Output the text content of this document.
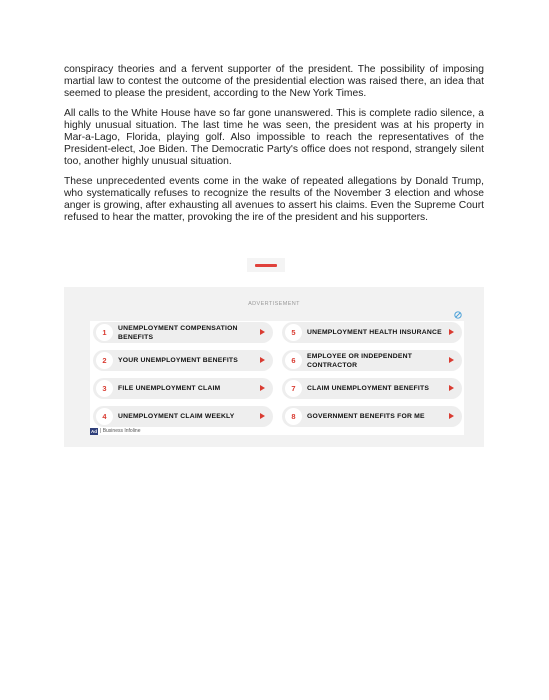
conspiracy theories and a fervent supporter of the president. The possibility of imposing martial law to contest the outcome of the presidential election was raised there, an idea that seemed to please the president, according to the New York Times.

All calls to the White House have so far gone unanswered. This is complete radio silence, a highly unusual situation. The last time he was seen, the president was at his property in Mar-a-Lago, Florida, playing golf. Also impossible to reach the representatives of the President-elect, Joe Biden. The Democratic Party's office does not respond, strangely silent too, another highly unusual situation.

These unprecedented events come in the wake of repeated allegations by Donald Trump, who systematically refuses to recognize the results of the November 3 election and whose anger is growing, after exhausting all avenues to assert his claims. Even the Supreme Court refused to hear the matter, provoking the ire of the president and his supporters.

ADVERTISEMENT
1	UNEMPLOYMENT COMPENSATION BENEFITS
2	YOUR UNEMPLOYMENT BENEFITS
3	FILE UNEMPLOYMENT CLAIM
4	UNEMPLOYMENT CLAIM WEEKLY
5	UNEMPLOYMENT HEALTH INSURANCE
6	EMPLOYEE OR INDEPENDENT CONTRACTOR
7	CLAIM UNEMPLOYMENT BENEFITS
8	GOVERNMENT BENEFITS FOR ME
Ad | Business Infoline
